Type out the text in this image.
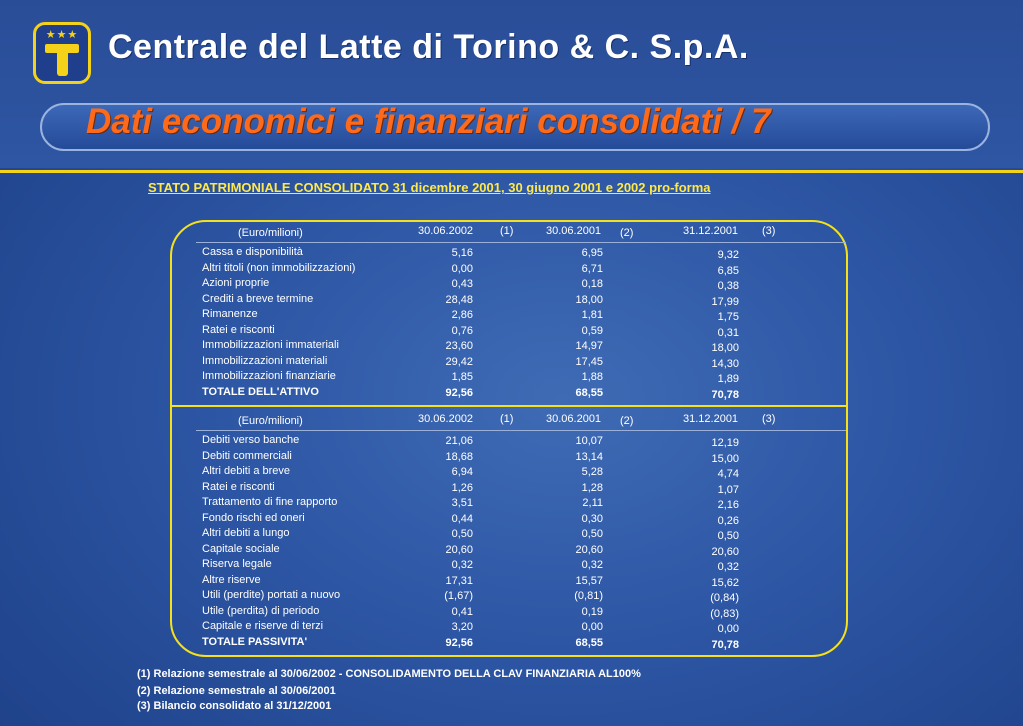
★★★ Centrale del Latte di Torino & C. S.p.A.
Dati economici e finanziari consolidati / 7
STATO PATRIMONIALE CONSOLIDATO 31 dicembre 2001, 30 giugno 2001 e 2002 pro-forma
(Euro/milioni)	30.06.2002 (1)	30.06.2001 (2)	31.12.2001 (3)
Cassa e disponibilità	5,16	6,95	9,32
Altri titoli (non immobilizzazioni)	0,00	6,71	6,85
Azioni proprie	0,43	0,18	0,38
Crediti a breve termine	28,48	18,00	17,99
Rimanenze	2,86	1,81	1,75
Ratei e risconti	0,76	0,59	0,31
Immobilizzazioni immateriali	23,60	14,97	18,00
Immobilizzazioni materiali	29,42	17,45	14,30
Immobilizzazioni finanziarie	1,85	1,88	1,89
TOTALE DELL'ATTIVO	92,56	68,55	70,78
(Euro/milioni)	30.06.2002 (1)	30.06.2001 (2)	31.12.2001 (3)
Debiti verso banche	21,06	10,07	12,19
Debiti commerciali	18,68	13,14	15,00
Altri debiti a breve	6,94	5,28	4,74
Ratei e risconti	1,26	1,28	1,07
Trattamento di fine rapporto	3,51	2,11	2,16
Fondo rischi ed oneri	0,44	0,30	0,26
Altri debiti a lungo	0,50	0,50	0,50
Capitale sociale	20,60	20,60	20,60
Riserva legale	0,32	0,32	0,32
Altre riserve	17,31	15,57	15,62
Utili (perdite) portati a nuovo	(1,67)	(0,81)	(0,84)
Utile (perdita) di periodo	0,41	0,19	(0,83)
Capitale e riserve di terzi	3,20	0,00	0,00
TOTALE PASSIVITA'	92,56	68,55	70,78
(1) Relazione semestrale al 30/06/2002 - CONSOLIDAMENTO DELLA CLAV FINANZIARIA AL100%
(2) Relazione semestrale al 30/06/2001
(3) Bilancio consolidato al 31/12/2001
